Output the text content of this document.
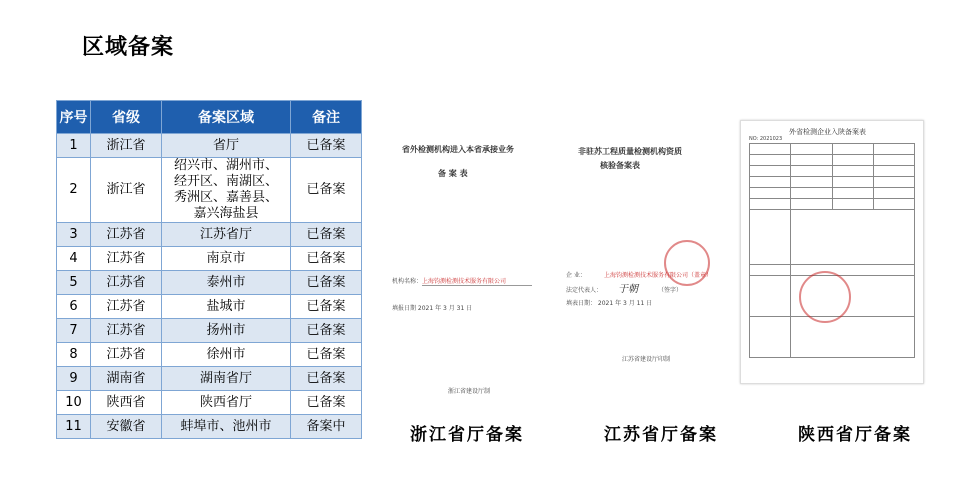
区域备案
序号	省级	备案区域	备注
1	浙江省	省厅	已备案
2	浙江省	绍兴市、湖州市、
经开区、南湖区、
秀洲区、嘉善县、
嘉兴海盐县	已备案
3	江苏省	江苏省厅	已备案
4	江苏省	南京市	已备案
5	江苏省	泰州市	已备案
6	江苏省	盐城市	已备案
7	江苏省	扬州市	已备案
8	江苏省	徐州市	已备案
9	湖南省	湖南省厅	已备案
10	陕西省	陕西省厅	已备案
11	安徽省	蚌埠市、池州市	备案中
省外检测机构进入本省承接业务
备 案 表
机构名称： 上海钧测检测技术服务有限公司
填报日期 2021 年 3 月 31 日
浙江省建设厅制
非驻苏工程质量检测机构资质
核验备案表
企 业：	上海钧测检测技术服务有限公司（盖章）
法定代表人： 于朝	（签字）
填表日期： 2021 年 3 月 11 日
江苏省建设厅印制
外省检测企业入陕备案表
NO: 2021023

浙江省厅备案	江苏省厅备案	陕西省厅备案
